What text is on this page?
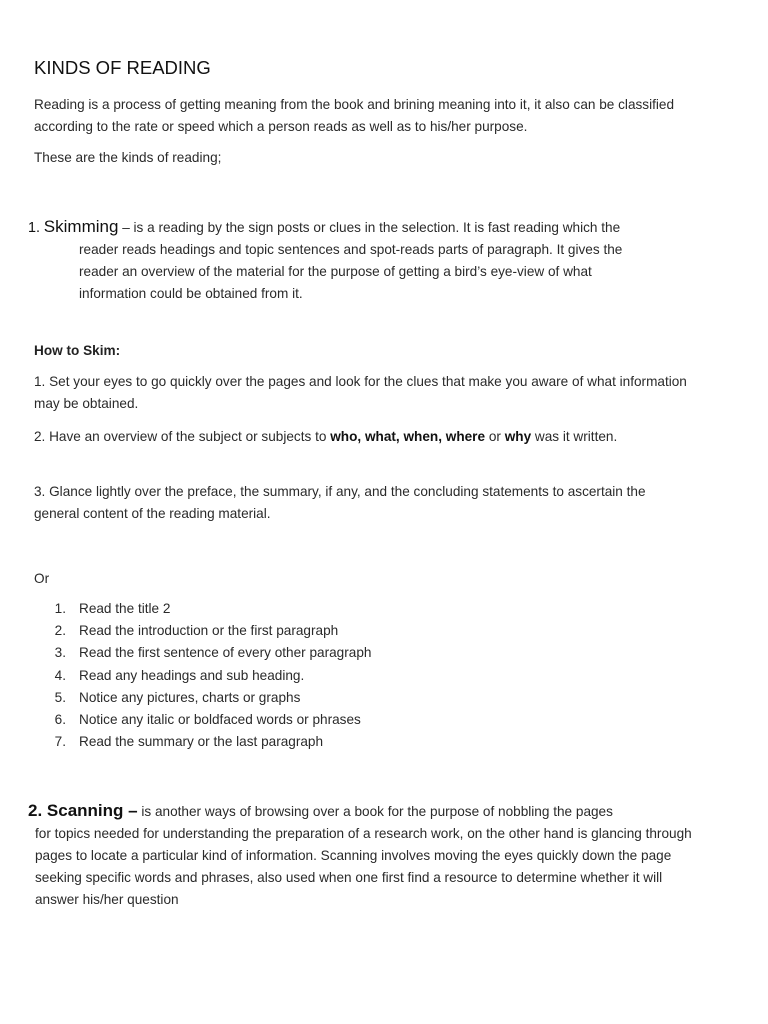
KINDS OF READING

Reading is a process of getting meaning from the book and brining meaning into it, it also can be classified according to the rate or speed which a person reads as well as to his/her purpose.

These are the kinds of reading;

1. Skimming – is a reading by the sign posts or clues in the selection. It is fast reading which the
reader reads headings and topic sentences and spot-reads parts of paragraph. It gives the
reader an overview of the material for the purpose of getting a bird’s eye-view of what
information could be obtained from it.

How to Skim:

1. Set your eyes to go quickly over the pages and look for the clues that make you aware of what information may be obtained.

2. Have an overview of the subject or subjects to who, what, when, where or why was it written.

3. Glance lightly over the preface, the summary, if any, and the concluding statements to ascertain the general content of the reading material.

Or

1. Read the title 2
2. Read the introduction or the first paragraph
3. Read the first sentence of every other paragraph
4. Read any headings and sub heading.
5. Notice any pictures, charts or graphs
6. Notice any italic or boldfaced words or phrases
7. Read the summary or the last paragraph
2. Scanning – is another ways of browsing over a book for the purpose of nobbling the pages
for topics needed for understanding the preparation of a research work, on the other hand is glancing through pages to locate a particular kind of information. Scanning involves moving the eyes quickly down the page seeking specific words and phrases, also used when one first find a resource to determine whether it will answer his/her question
